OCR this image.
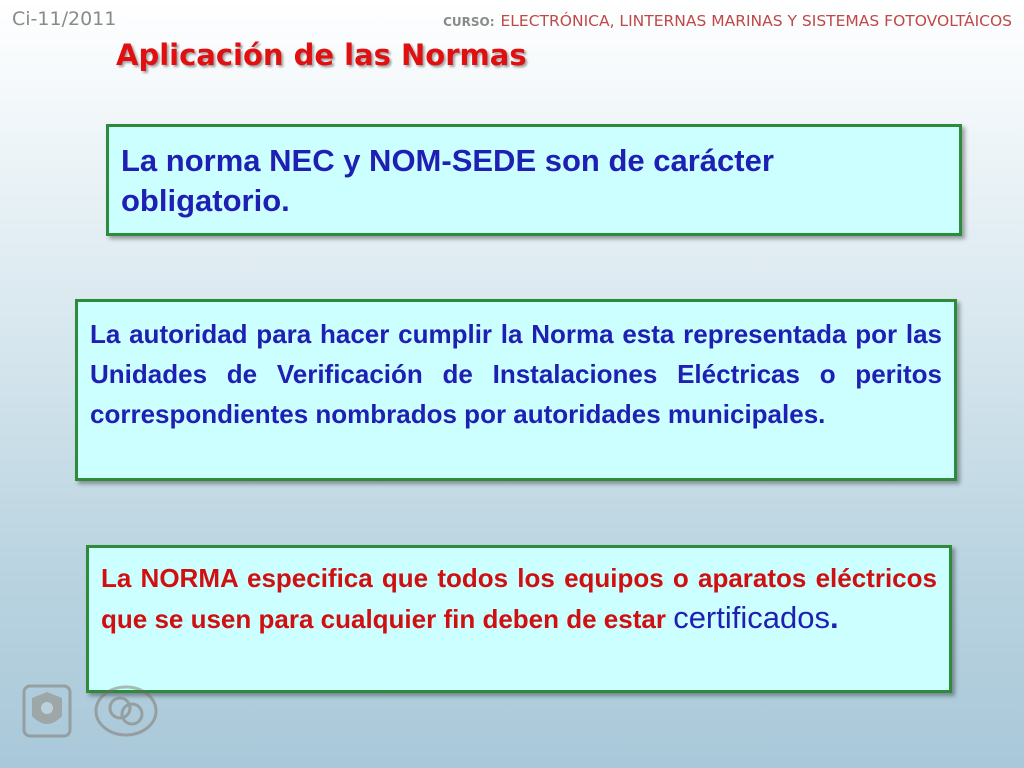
Ci-11/2011	CURSO: ELECTRÓNICA, LINTERNAS MARINAS Y SISTEMAS FOTOVOLTÁICOS
Aplicación de las Normas
La norma NEC y NOM-SEDE son de carácter obligatorio.
La autoridad para hacer cumplir la Norma esta representada por las Unidades de Verificación de Instalaciones Eléctricas o peritos correspondientes nombrados por autoridades municipales.
La NORMA especifica que todos los equipos o aparatos eléctricos que se usen para cualquier fin deben de estar certificados.
